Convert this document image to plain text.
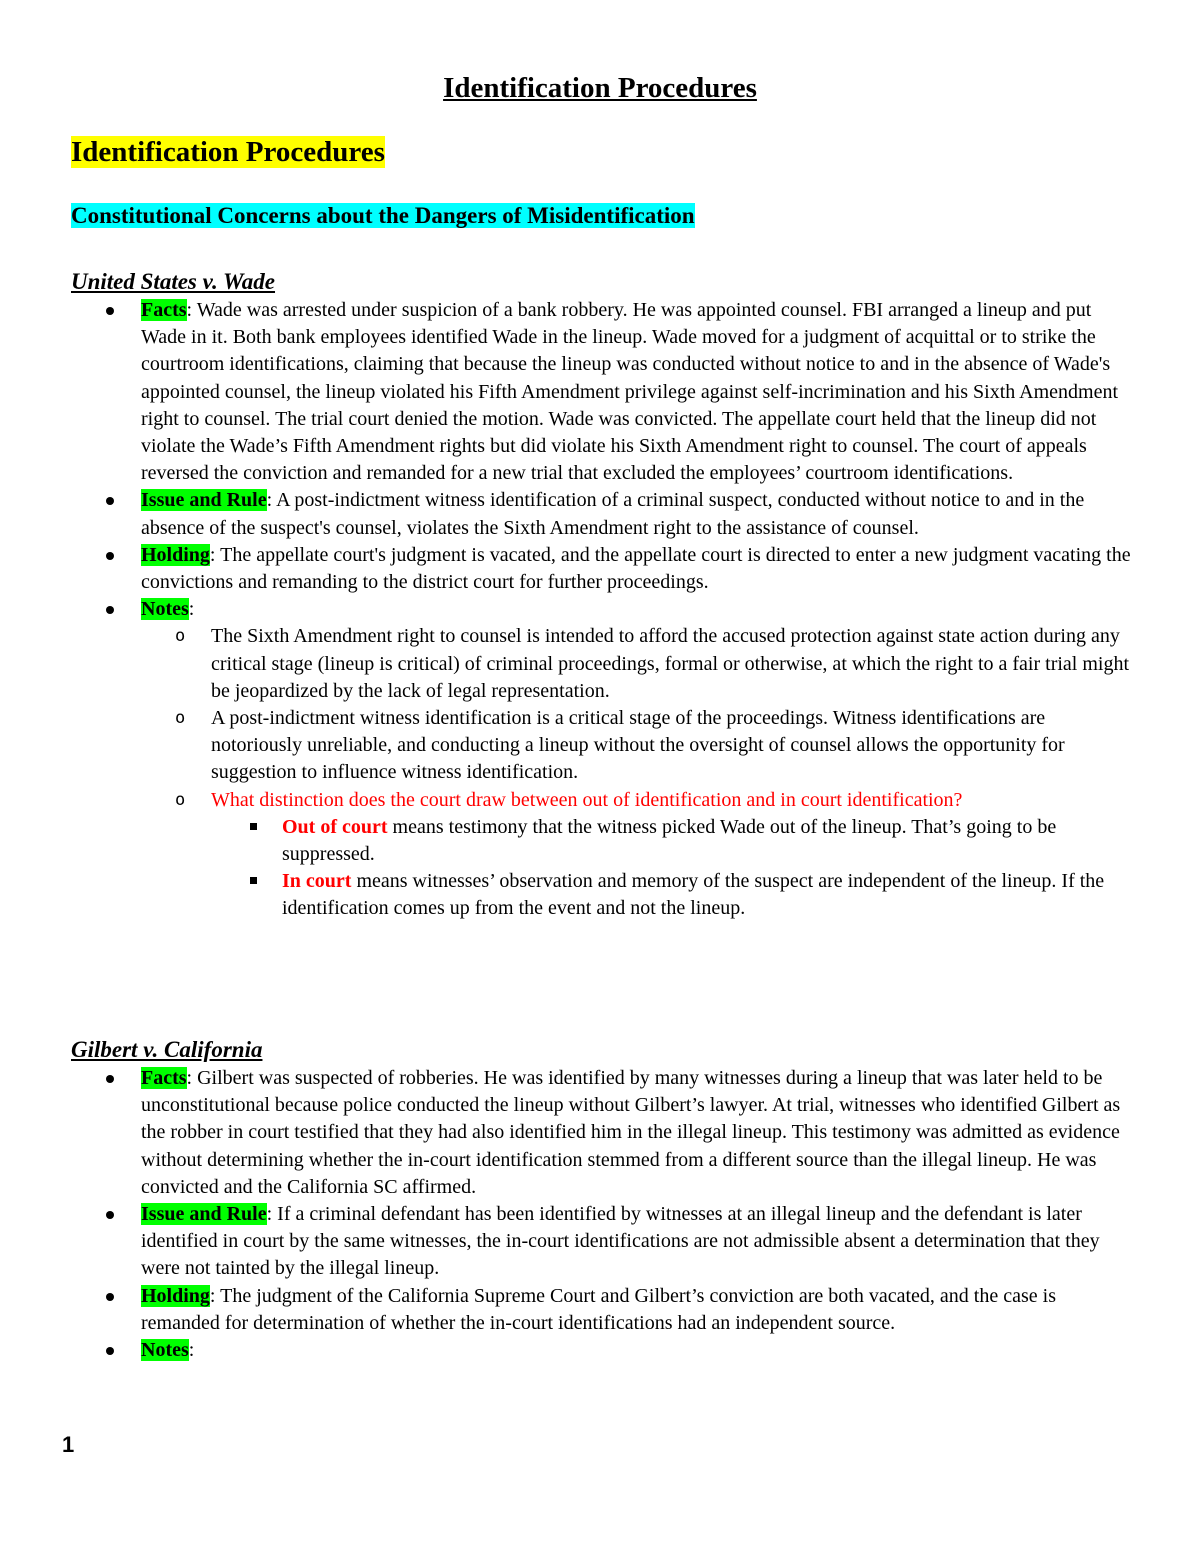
Identification Procedures
Identification Procedures
Constitutional Concerns about the Dangers of Misidentification
United States v. Wade
Facts: Wade was arrested under suspicion of a bank robbery. He was appointed counsel. FBI arranged a lineup and put Wade in it. Both bank employees identified Wade in the lineup. Wade moved for a judgment of acquittal or to strike the courtroom identifications, claiming that because the lineup was conducted without notice to and in the absence of Wade's appointed counsel, the lineup violated his Fifth Amendment privilege against self-incrimination and his Sixth Amendment right to counsel. The trial court denied the motion. Wade was convicted. The appellate court held that the lineup did not violate the Wade’s Fifth Amendment rights but did violate his Sixth Amendment right to counsel. The court of appeals reversed the conviction and remanded for a new trial that excluded the employees’ courtroom identifications.
Issue and Rule: A post-indictment witness identification of a criminal suspect, conducted without notice to and in the absence of the suspect's counsel, violates the Sixth Amendment right to the assistance of counsel.
Holding: The appellate court's judgment is vacated, and the appellate court is directed to enter a new judgment vacating the convictions and remanding to the district court for further proceedings.
Notes:
o The Sixth Amendment right to counsel is intended to afford the accused protection against state action during any critical stage (lineup is critical) of criminal proceedings, formal or otherwise, at which the right to a fair trial might be jeopardized by the lack of legal representation.
o A post-indictment witness identification is a critical stage of the proceedings. Witness identifications are notoriously unreliable, and conducting a lineup without the oversight of counsel allows the opportunity for suggestion to influence witness identification.
o What distinction does the court draw between out of identification and in court identification?
Out of court means testimony that the witness picked Wade out of the lineup. That’s going to be suppressed.
In court means witnesses’ observation and memory of the suspect are independent of the lineup. If the identification comes up from the event and not the lineup.
Gilbert v. California
Facts: Gilbert was suspected of robberies. He was identified by many witnesses during a lineup that was later held to be unconstitutional because police conducted the lineup without Gilbert’s lawyer. At trial, witnesses who identified Gilbert as the robber in court testified that they had also identified him in the illegal lineup. This testimony was admitted as evidence without determining whether the in-court identification stemmed from a different source than the illegal lineup. He was convicted and the California SC affirmed.
Issue and Rule: If a criminal defendant has been identified by witnesses at an illegal lineup and the defendant is later identified in court by the same witnesses, the in-court identifications are not admissible absent a determination that they were not tainted by the illegal lineup.
Holding: The judgment of the California Supreme Court and Gilbert’s conviction are both vacated, and the case is remanded for determination of whether the in-court identifications had an independent source.
Notes:

1
